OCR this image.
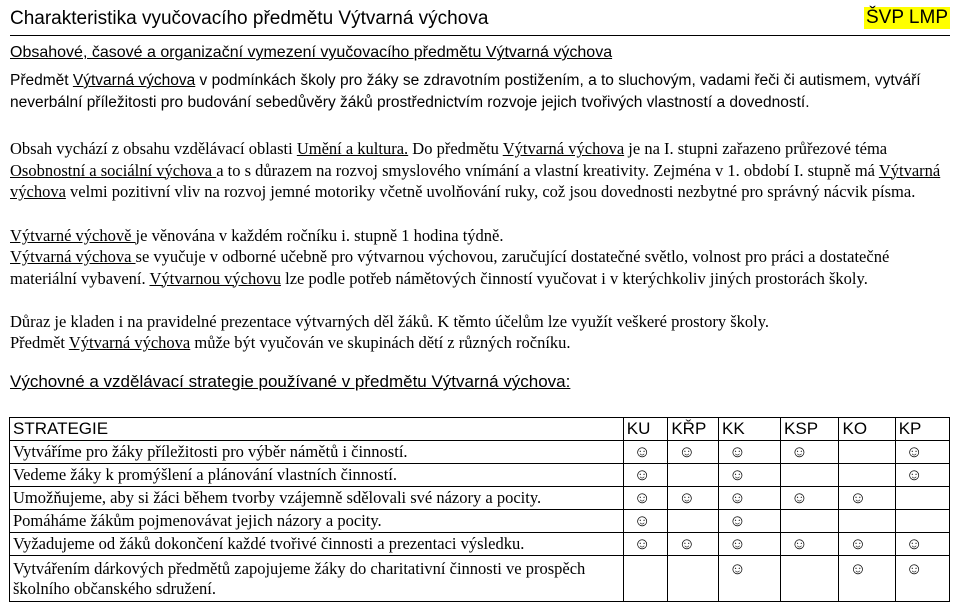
Charakteristika vyučovacího předmětu Výtvarná výchova	ŠVP LMP
Obsahové, časové a organizační vymezení vyučovacího předmětu Výtvarná výchova
Předmět Výtvarná výchova v podmínkách školy pro žáky se zdravotním postižením, a to sluchovým, vadami řeči či autismem, vytváří neverbální příležitosti pro budování sebedůvěry žáků prostřednictvím rozvoje jejich tvořivých vlastností a dovedností.
Obsah vychází z obsahu vzdělávací oblasti Umění a kultura. Do předmětu Výtvarná výchova je na I. stupni zařazeno průřezové téma Osobnostní a sociální výchova a to s důrazem na rozvoj smyslového vnímání a vlastní kreativity. Zejména v 1. období I. stupně má Výtvarná výchova velmi pozitivní vliv na rozvoj jemné motoriky včetně uvolňování ruky, což jsou dovednosti nezbytné pro správný nácvik písma.
Výtvarné výchově je věnována v každém ročníku i. stupně 1 hodina týdně.
Výtvarná výchova se vyučuje v odborné učebně pro výtvarnou výchovou, zaručující dostatečné světlo, volnost pro práci a dostatečné materiální vybavení. Výtvarnou výchovu lze podle potřeb námětových činností vyučovat i v kterýchkoliv jiných prostorách školy.
Důraz je kladen i na pravidelné prezentace výtvarných děl žáků. K těmto účelům lze využít veškeré prostory školy.
Předmět Výtvarná výchova může být vyučován ve skupinách dětí z různých ročníku.
Výchovné a vzdělávací strategie používané v předmětu Výtvarná výchova:
STRATEGIE	KU	KŘP	KK	KSP	KO	KP
Vytváříme pro žáky příležitosti pro výběr námětů i činností.	☺	☺	☺	☺		☺
Vedeme žáky k promýšlení a plánování vlastních činností.	☺		☺			☺
Umožňujeme, aby si žáci během tvorby vzájemně sdělovali své názory a pocity.	☺	☺	☺	☺	☺	
Pomáháme žákům pojmenovávat jejich názory a pocity.	☺		☺			
Vyžadujeme od žáků dokončení každé tvořivé činnosti a prezentaci výsledku.	☺	☺	☺	☺	☺	☺
Vytvářením dárkových předmětů zapojujeme žáky do charitativní činnosti ve prospěch školního občanského sdružení.			☺		☺	☺
